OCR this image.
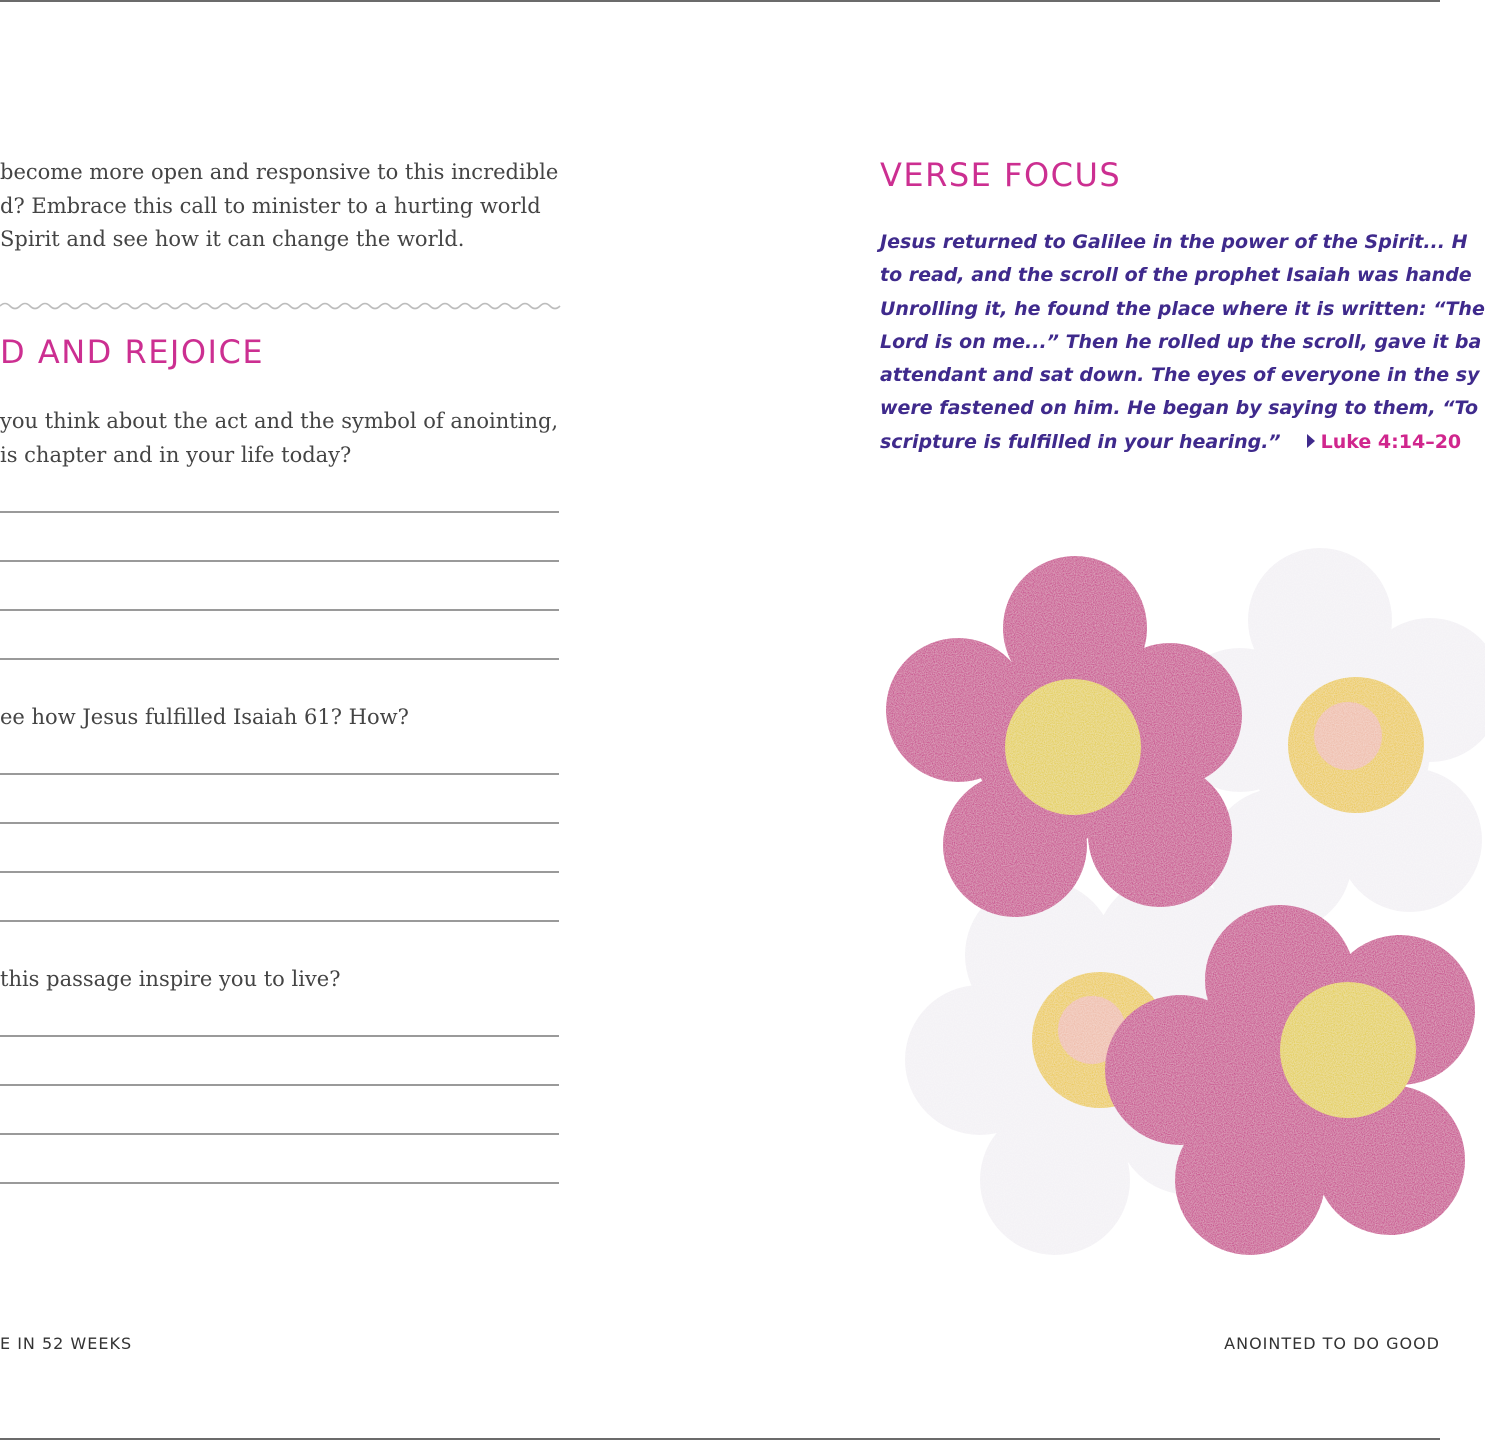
become more open and responsive to this incredible
d? Embrace this call to minister to a hurting world
Spirit and see how it can change the world.

D AND REJOICE

you think about the act and the symbol of anointing,
is chapter and in your life today?

ee how Jesus fulfilled Isaiah 61? How?

this passage inspire you to live?

E IN 52 WEEKS

VERSE FOCUS

Jesus returned to Galilee in the power of the Spirit... H
to read, and the scroll of the prophet Isaiah was hande
Unrolling it, he found the place where it is written: “The
Lord is on me...” Then he rolled up the scroll, gave it ba
attendant and sat down. The eyes of everyone in the sy
were fastened on him. He began by saying to them, “To
scripture is fulfilled in your hearing.” Luke 4:14–20

ANOINTED TO DO GOOD
